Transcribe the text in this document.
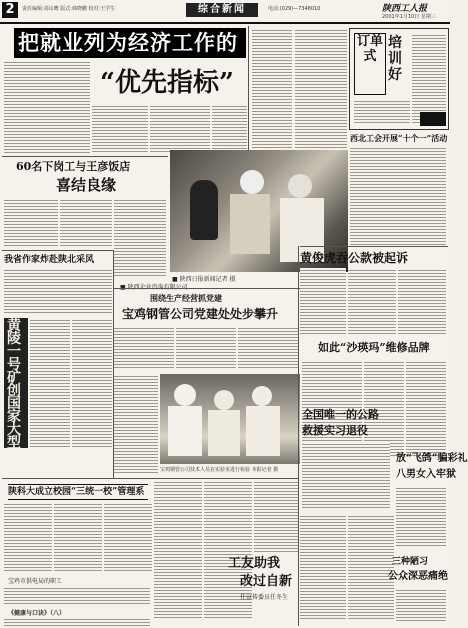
2	责任编辑:刘山鹰 版式:韩晓鹏 校对:王学生	综合新闻	电话:(029)—7348010	陕西工人报
2001年1月10日 星期三
把就业列为经济工作的
“优先指标”
订单式
培训好
西北工会开展“十个一”活动
■ 陕西日报新闻记者 摄
60名下岗工与王彦饭店
喜结良缘
我省作家炸赴陕北采风
黄陵一号矿创国家大型新高
围绕生产经营抓党建
宝鸡钢管公司党建处处步攀升
宝鸡钢管公司技术人员在实验室进行检验 本报记者 摄
黄俊虎吞公款被起诉
如此“沙瑛玛”维修品牌
全国唯一的公路
救援实习退役
放“飞鸽”骗彩礼
八男女入牢狱
陕科大成立校园“三统一校”管理系
工友助我
改过自新
任宣传委员任冬生
三种陋习
公众深恶痛绝
宝鸡市供电局的职工
《健康与口诀》（八）
